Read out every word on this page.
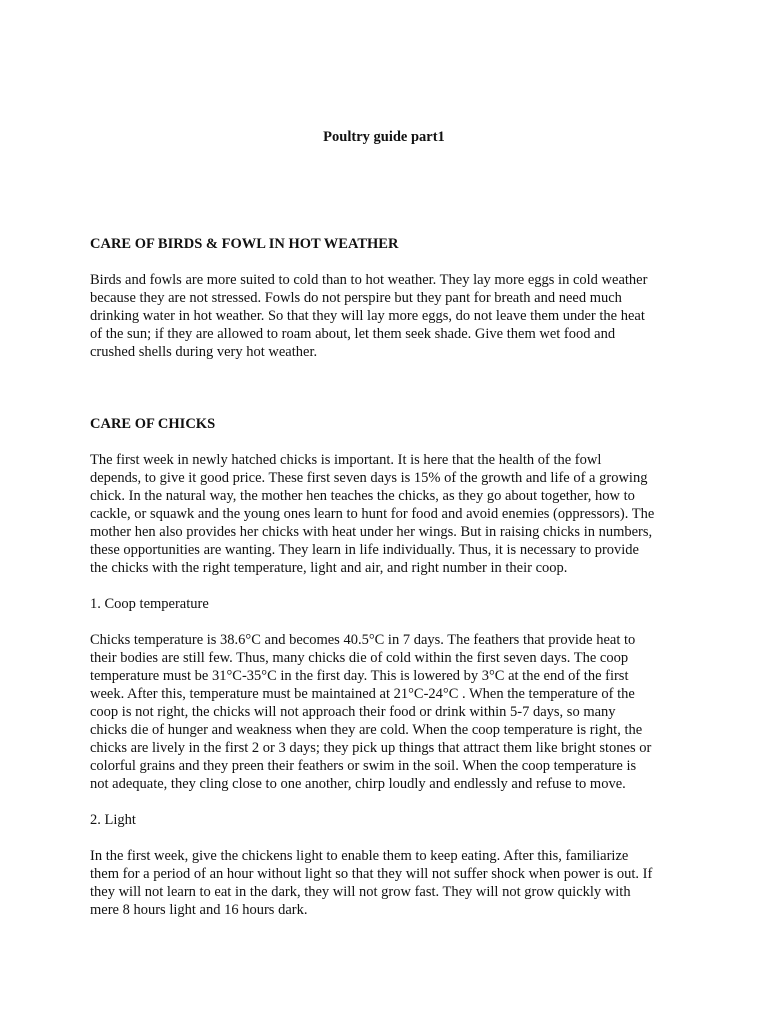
Poultry guide part1
CARE OF BIRDS & FOWL IN HOT WEATHER

Birds and fowls are more suited to cold than to hot weather. They lay more eggs in cold weather
because they are not stressed. Fowls do not perspire but they pant for breath and need much
drinking water in hot weather. So that they will lay more eggs, do not leave them under the heat
of the sun; if they are allowed to roam about, let them seek shade. Give them wet food and
crushed shells during very hot weather.

CARE OF CHICKS

The first week in newly hatched chicks is important. It is here that the health of the fowl
depends, to give it good price. These first seven days is 15% of the growth and life of a growing
chick. In the natural way, the mother hen teaches the chicks, as they go about together, how to
cackle, or squawk and the young ones learn to hunt for food and avoid enemies (oppressors). The
mother hen also provides her chicks with heat under her wings. But in raising chicks in numbers,
these opportunities are wanting. They learn in life individually. Thus, it is necessary to provide
the chicks with the right temperature, light and air, and right number in their coop.

1. Coop temperature

Chicks temperature is 38.6°C and becomes 40.5°C in 7 days. The feathers that provide heat to
their bodies are still few. Thus, many chicks die of cold within the first seven days. The coop
temperature must be 31°C-35°C in the first day. This is lowered by 3°C at the end of the first
week. After this, temperature must be maintained at 21°C-24°C . When the temperature of the
coop is not right, the chicks will not approach their food or drink within 5-7 days, so many
chicks die of hunger and weakness when they are cold. When the coop temperature is right, the
chicks are lively in the first 2 or 3 days; they pick up things that attract them like bright stones or
colorful grains and they preen their feathers or swim in the soil. When the coop temperature is
not adequate, they cling close to one another, chirp loudly and endlessly and refuse to move.

2. Light

In the first week, give the chickens light to enable them to keep eating. After this, familiarize
them for a period of an hour without light so that they will not suffer shock when power is out. If
they will not learn to eat in the dark, they will not grow fast. They will not grow quickly with
mere 8 hours light and 16 hours dark.
